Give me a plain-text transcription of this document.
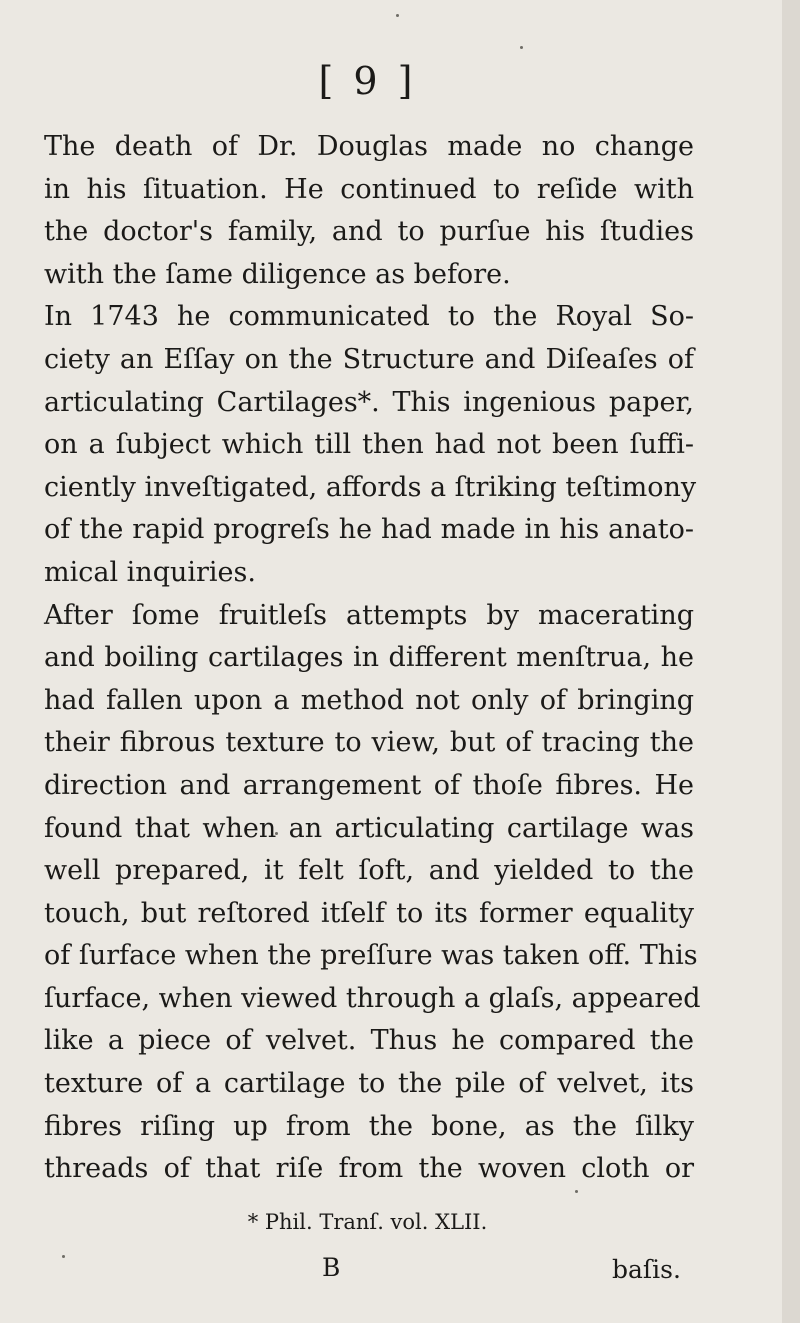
[ 9 ]
The death of Dr. Douglas made no change
in his ſituation. He continued to reſide with
the doctor's family, and to purſue his ſtudies
with the ſame diligence as before.
In 1743 he communicated to the Royal So-
ciety an Eſſay on the Structure and Diſeaſes of
articulating Cartilages*. This ingenious paper,
on a ſubject which till then had not been ſuffi-
ciently inveſtigated, affords a ſtriking teſtimony
of the rapid progreſs he had made in his anato-
mical inquiries.
After ſome fruitleſs attempts by macerating
and boiling cartilages in different menſtrua, he
had fallen upon a method not only of bringing
their fibrous texture to view, but of tracing the
direction and arrangement of thoſe fibres. He
found that when an articulating cartilage was
well prepared, it felt ſoft, and yielded to the
touch, but reſtored itſelf to its former equality
of ſurface when the preſſure was taken off. This
ſurface, when viewed through a glaſs, appeared
like a piece of velvet. Thus he compared the
texture of a cartilage to the pile of velvet, its
fibres riſing up from the bone, as the ſilky
threads of that riſe from the woven cloth or
* Phil. Tranſ. vol. XLII.
B	baſis.
